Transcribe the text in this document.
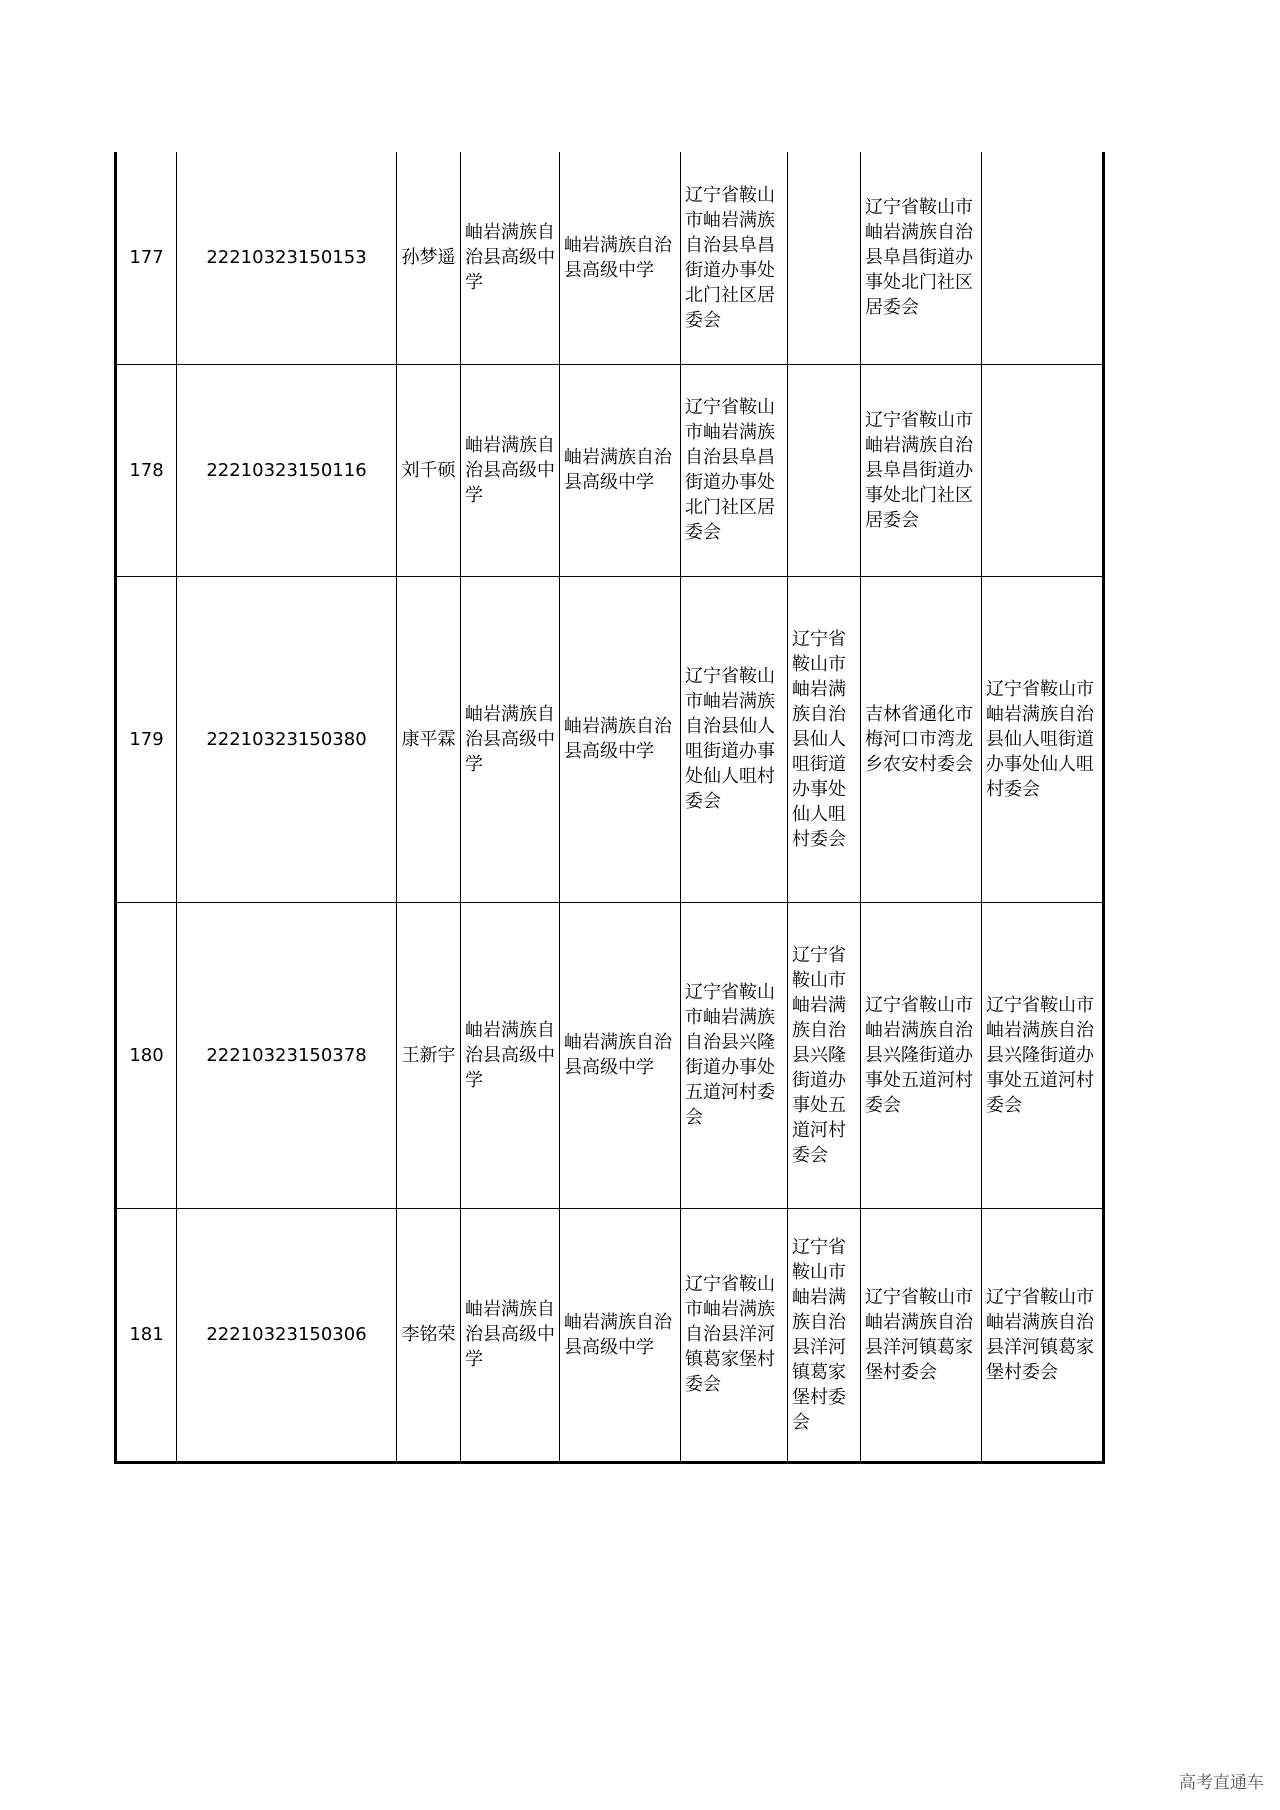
177	22210323150153	孙梦遥	岫岩满族自治县高级中学	岫岩满族自治县高级中学	辽宁省鞍山市岫岩满族自治县阜昌街道办事处北门社区居委会		辽宁省鞍山市岫岩满族自治县阜昌街道办事处北门社区居委会	
178	22210323150116	刘千硕	岫岩满族自治县高级中学	岫岩满族自治县高级中学	辽宁省鞍山市岫岩满族自治县阜昌街道办事处北门社区居委会		辽宁省鞍山市岫岩满族自治县阜昌街道办事处北门社区居委会	
179	22210323150380	康平霖	岫岩满族自治县高级中学	岫岩满族自治县高级中学	辽宁省鞍山市岫岩满族自治县仙人咀街道办事处仙人咀村委会	辽宁省鞍山市岫岩满族自治县仙人咀街道办事处仙人咀村委会	吉林省通化市梅河口市湾龙乡农安村委会	辽宁省鞍山市岫岩满族自治县仙人咀街道办事处仙人咀村委会
180	22210323150378	王新宇	岫岩满族自治县高级中学	岫岩满族自治县高级中学	辽宁省鞍山市岫岩满族自治县兴隆街道办事处五道河村委会	辽宁省鞍山市岫岩满族自治县兴隆街道办事处五道河村委会	辽宁省鞍山市岫岩满族自治县兴隆街道办事处五道河村委会	辽宁省鞍山市岫岩满族自治县兴隆街道办事处五道河村委会
181	22210323150306	李铭荣	岫岩满族自治县高级中学	岫岩满族自治县高级中学	辽宁省鞍山市岫岩满族自治县洋河镇葛家堡村委会	辽宁省鞍山市岫岩满族自治县洋河镇葛家堡村委会	辽宁省鞍山市岫岩满族自治县洋河镇葛家堡村委会	辽宁省鞍山市岫岩满族自治县洋河镇葛家堡村委会
高考直通车
